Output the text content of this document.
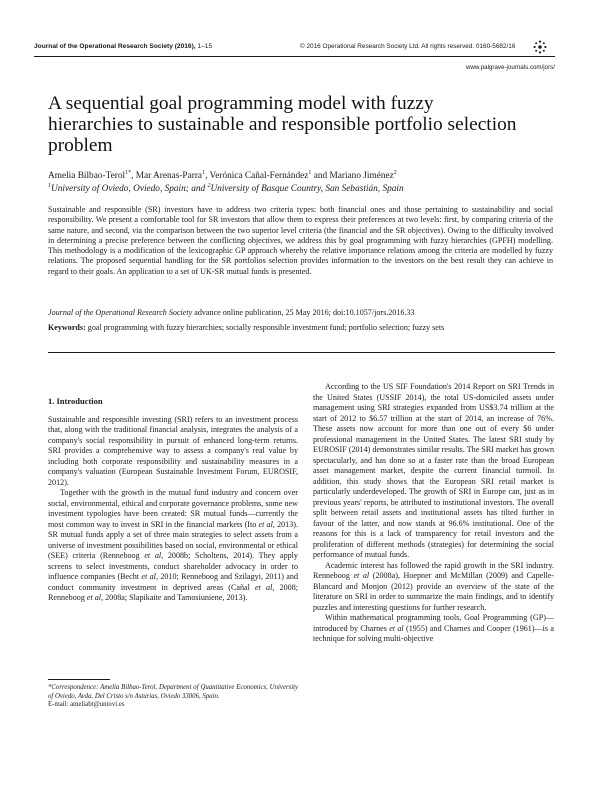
Journal of the Operational Research Society (2016), 1–15	© 2016 Operational Research Society Ltd. All rights reserved. 0160-5682/16
www.palgrave-journals.com/jors/
A sequential goal programming model with fuzzy hierarchies to sustainable and responsible portfolio selection problem
Amelia Bilbao-Terol$^{1*}$, Mar Arenas-Parra$^1$, Verónica Cañal-Fernández$^1$ and Mariano Jiménez$^2$
$^1$University of Oviedo, Oviedo, Spain; and $^2$University of Basque Country, San Sebastián, Spain
Sustainable and responsible (SR) investors have to address two criteria types: both financial ones and those pertaining to sustainability and social responsibility. We present a comfortable tool for SR investors that allow them to express their preferences at two levels: first, by comparing criteria of the same nature, and second, via the comparison between the two superior level criteria (the financial and the SR objectives). Owing to the difficulty involved in determining a precise preference between the conflicting objectives, we address this by goal programming with fuzzy hierarchies (GPFH) modelling. This methodology is a modification of the lexicographic GP approach whereby the relative importance relations among the criteria are modelled by fuzzy relations. The proposed sequential handling for the SR portfolios selection provides information to the investors on the best result they can achieve in regard to their goals. An application to a set of UK-SR mutual funds is presented.
Journal of the Operational Research Society advance online publication, 25 May 2016; doi:10.1057/jors.2016.33
Keywords: goal programming with fuzzy hierarchies; socially responsible investment fund; portfolio selection; fuzzy sets
1. Introduction

Sustainable and responsible investing (SRI) refers to an investment process that, along with the traditional financial analysis, integrates the analysis of a company's social responsibility in pursuit of enhanced long-term returns. SRI provides a comprehensive way to assess a company's real value by including both corporate responsibility and sustainability measures in a company's valuation (European Sustainable Investment Forum, EUROSIF, 2012).

Together with the growth in the mutual fund industry and concern over social, environmental, ethical and corporate governance problems, some new investment typologies have been created: SR mutual funds—currently the most common way to invest in SRI in the financial markets (Ito et al, 2013). SR mutual funds apply a set of three main strategies to select assets from a universe of investment possibilities based on social, environmental or ethical (SEE) criteria (Renneboog et al, 2008b; Scholtens, 2014). They apply screens to select investments, conduct shareholder advocacy in order to influence companies (Becht et al, 2010; Renneboog and Szilagyi, 2011) and conduct community investment in deprived areas (Cañal et al, 2008; Renneboog et al, 2008a; Slapikaite and Tamosiuniene, 2013).

*Correspondence: Amelia Bilbao-Terol, Department of Quantitative Economics, University of Oviedo, Avda. Del Cristo s/n Asturias, Oviedo 33006, Spain.
E-mail: ameliabt@uniovi.es

According to the US SIF Foundation's 2014 Report on SRI Trends in the United States (USSIF 2014), the total US-domiciled assets under management using SRI strategies expanded from US$3.74 trillion at the start of 2012 to $6.57 trillion at the start of 2014, an increase of 76%. These assets now account for more than one out of every $6 under professional management in the United States. The latest SRI study by EUROSIF (2014) demonstrates similar results. The SRI market has grown spectacularly, and has done so at a faster rate than the broad European asset management market, despite the current financial turmoil. In addition, this study shows that the European SRI retail market is particularly underdeveloped. The growth of SRI in Europe can, just as in previous years' reports, be attributed to institutional investors. The overall split between retail assets and institutional assets has tilted further in favour of the latter, and now stands at 96.6% institutional. One of the reasons for this is a lack of transparency for retail investors and the proliferation of different methods (strategies) for determining the social performance of mutual funds.

Academic interest has followed the rapid growth in the SRI industry. Renneboog et al (2008a), Hoepner and McMillan (2009) and Capelle-Blancard and Monjon (2012) provide an overview of the state of the literature on SRI in order to summarize the main findings, and to identify puzzles and interesting questions for further research.

Within mathematical programming tools, Goal Programming (GP)—introduced by Charnes et al (1955) and Charnes and Cooper (1961)—is a technique for solving multi-objective
